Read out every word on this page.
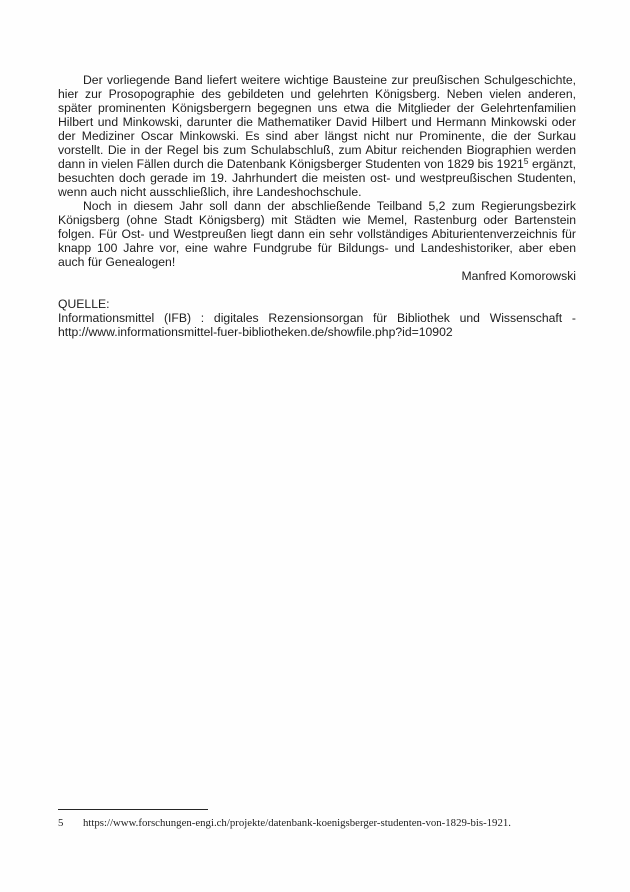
Der vorliegende Band liefert weitere wichtige Bausteine zur preußischen Schulgeschichte, hier zur Prosopographie des gebildeten und gelehrten Königsberg. Neben vielen anderen, später prominenten Königsbergern begegnen uns etwa die Mitglieder der Gelehrtenfamilien Hilbert und Minkowski, darunter die Mathematiker David Hilbert und Hermann Minkowski oder der Mediziner Oscar Minkowski. Es sind aber längst nicht nur Prominente, die der Surkau vorstellt. Die in der Regel bis zum Schulabschluß, zum Abitur reichenden Biographien werden dann in vielen Fällen durch die Datenbank Königsberger Studenten von 1829 bis 1921$^5$ ergänzt, besuchten doch gerade im 19. Jahrhundert die meisten ost- und westpreußischen Studenten, wenn auch nicht ausschließlich, ihre Landeshochschule.

Noch in diesem Jahr soll dann der abschließende Teilband 5,2 zum Regierungsbezirk Königsberg (ohne Stadt Königsberg) mit Städten wie Memel, Rastenburg oder Bartenstein folgen. Für Ost- und Westpreußen liegt dann ein sehr vollständiges Abiturientenverzeichnis für knapp 100 Jahre vor, eine wahre Fundgrube für Bildungs- und Landeshistoriker, aber eben auch für Genealogen!

Manfred Komorowski

QUELLE:

Informationsmittel (IFB) : digitales Rezensionsorgan für Bibliothek und Wissenschaft -

http://www.informationsmittel-fuer-bibliotheken.de/showfile.php?id=10902

5 https://www.forschungen-engi.ch/projekte/datenbank-koenigsberger-studenten-von-1829-bis-1921.
